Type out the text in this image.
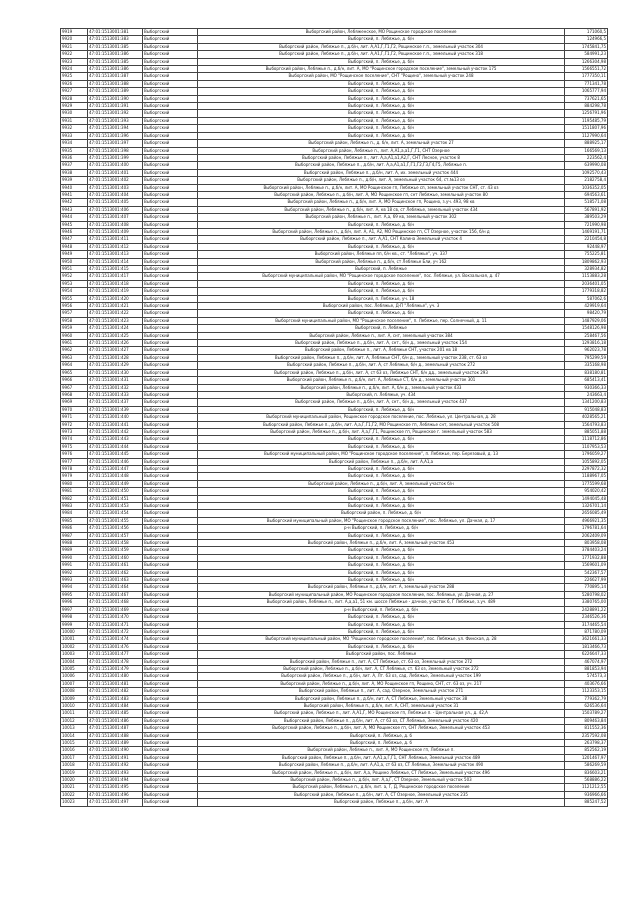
9919	47:01:1513001:381	Выборгский	Выборгский район, Лебяженское, МО Рощинское городское поселение	171060,5
9920	47:01:1513001:383	Выборгский	Выборгский, п. Лебяжье, д. б/н	124966,5
9921	47:01:1513001:385	Выборгский	Выборгский район, Лебяжье п., д.б/н, лит. А,А1,Г,Г1,Г2, Рощинское г.п., земельный участок 304	1745841,75
9922	47:01:1513001:386	Выборгский	Выборгский район, Лебяжье п., д.б/н, лит. А,А1,Г,Г1,Г2, Рощинское г.п., земельный участок 318	584991,23
9923	47:01:1513001:385	Выборгский	Выборгский, п. Лебяжье, д. б/н	1266304,98
9924	47:01:1513001:386	Выборгский	Выборгский район, Лебяжье п., д.б/н, лит. А, МО "Рощинское городское поселение", земельный участок 175	1566551,72
9925	47:01:1513001:387	Выборгский	Выборгский район, МО "Рощинское поселение", СНТ "Рощино", земельный участок 248	1777350,11
9926	47:01:1513001:388	Выборгский	Выборгский, п. Лебяжье, д. б/н	771341,78
9927	47:01:1513001:389	Выборгский	Выборгский, п. Лебяжье, д. б/н	1065777,94
9928	47:01:1513001:390	Выборгский	Выборгский, п. Лебяжье, д. б/н	737621,65
9929	47:01:1513001:391	Выборгский	Выборгский, п. Лебяжье, д. б/н	884298,78
9930	47:01:1513001:392	Выборгский	Выборгский, п. Лебяжье, д. б/н	1256791,96
9931	47:01:1513001:393	Выборгский	Выборгский, п. Лебяжье, д. б/н	1195485,79
9932	47:01:1513001:394	Выборгский	Выборгский, п. Лебяжье, д. б/н	1511807,96
9933	47:01:1513001:396	Выборгский	Выборгский, п. Лебяжье, д. б/н	1127990,64
9934	47:01:1513001:397	Выборгский	Выборгский район, Лебяжье п., д. б/н, лит. А, земельный участок 27	888925,17
9935	47:01:1513001:398	Выборгский	Выборгский район, Лебяжье п., лит. А,А1,а,а1,Г,Г1, СНТ Озерное	166569,13
9936	47:01:1513001:399	Выборгский	Выборгский район, Лебяжье п., лит. А,а,А1,а1,А2,Г, СНТ Лесное, участок 8	223562,4
9937	47:01:1513001:400	Выборгский	Выборгский район, Лебяжье п., д.б/н, лит. А,а,А1,а1,Г,Г1,Г2,Г3,Г4,Г5, Лебяжье п.	639990,08
9938	47:01:1513001:401	Выборгский	Выборгский район, Лебяжье п., д.б/н, лит. А, их. земельный участок 444	1092570,43
9939	47:01:1513001:402	Выборгский	Выборгский район, Лебяжье п., д.б/н, лит. А, земельный участок 64, ст.№13 оз	2182758,4
9940	47:01:1513001:403	Выборгский	Выборгский район, Лебяжье п., д.б/н, лит. А, МО Рощинское гп, Лебяжье сп, земельный участок СНТ, ст. 43 оз	1036352,05
9941	47:01:1513001:404	Выборгский	Выборгский район, Лебяжье п., д.б/н, лит. А, МО Рощинское гп, снт Лебяжье, земельный участок 80	694563,61
9942	47:01:1513001:405	Выборгский	Выборгский район, Лебяжье п., д.б/н, лит. А, МО Рощинское гп, Рощино, з.уч. 493, 98 кв	518571,08
9943	47:01:1513001:406	Выборгский	Выборгский район, Лебяжье п., д.б/н, лит. А, кв 18 св, ст Лебяжье, земельный участок 434	567891,92
9944	47:01:1513001:407	Выборгский	Выборгский район, Лебяжье п., лит. А,а, 69 кв, земельный участок 302	389503,29
9945	47:01:1513001:408	Выборгский	Выборгский, п. Лебяжье, д. б/н	721990,98
9946	47:01:1513001:409	Выборгский	Выборгский район, Лебяжье п., д.б/н, лит. А, А1, А2, МО Рощинское гп, СТ Озерное, участок 156, б/н д	1469191,71
9947	47:01:1513001:411	Выборгский	Выборгский район, Лебяжье п., лит. А,А1, СНТ Калина Земельный участок 4	2210454,8
9948	47:01:1513001:412	Выборгский	Выборгский, п. Лебяжье, д. б/н	92448,97
9949	47:01:1513001:413	Выборгский	Выборгский район, Лебяжье пп, б/н кв., ст. "Лебяжье", уч. 337	755225,81
9950	47:01:1513001:414	Выборгский	Выборгский район, Лебяжье п., д.б/н, ст Лебяжье Бли, уч 162	1809862,93
9951	47:01:1513001:415	Выборгский	Выборгский, п. Лебяжье	328934,82
9952	47:01:1513001:417	Выборгский	Выборгский муниципальный район, МО "Рощинское городское поселение", пос. Лебяжье, ул. Вокзальная, д. 47	1153883,28
9953	47:01:1513001:418	Выборгский	Выборгский, п. Лебяжье, д. б/н	2036401,05
9954	47:01:1513001:419	Выборгский	Выборгский, п. Лебяжье, д. б/н	1779318,82
9955	47:01:1513001:420	Выборгский	Выборгский, п. Лебяжье, уч. 18	587062,6
9956	47:01:1513001:421	Выборгский	Выборгский район, пос. Лебяжье, Д-П "Лебяжье", уч. 3	429919,64
9957	47:01:1513001:422	Выборгский	Выборгский, п. Лебяжье, д. б/н	98420,79
9958	47:01:1513001:423	Выборгский	Выборгский муниципальный район, МО "Рощинское поселение", п. Лебяжье, пер. Солнечный, д. 11	1487929,06
9959	47:01:1513001:424	Выборгский	Выборгский, п. Лебяжье	1548126,98
9960	47:01:1513001:425	Выборгский	Выборгский район, Лебяжье п., лит. А, снт, земельный участок 384	258467,56
9961	47:01:1513001:426	Выборгский	Выборгский район, Лебяжье п., д.б/н, лит. А, снт., б/н д., земельный участок 154	1293816,18
9962	47:01:1513001:427	Выборгский	Выборгский район, Лебяжье п., лит. А, Лебяжье СНТ, участок 201 кв 18	962023,78
9963	47:01:1513001:428	Выборгский	Выборгский район, Лебяжье п., д.б/н, лит. А, Лебяжье СНТ, б/н д., земельный участок 238, ст. 63 оз	795299,59
9964	47:01:1513001:429	Выборгский	Выборгский район, Лебяжье п., д.б/н, лит. А, ст Лебяжье, б/н д., земельный участок 272	335168,98
9965	47:01:1513001:430	Выборгский	Выборгский район, Лебяжье п., д.б/н, лит. А, ст 63 оз, Лебяжье СНТ, б/н дд., земельный участок 293	838180,81
9966	47:01:1513001:431	Выборгский	Выборгский район, Лебяжье п., д.б/н, лит. А, Лебяжье СТ, б/н д., земельный участок 301	685413,41
9967	47:01:1513001:432	Выборгский	Выборгский район, Лебяжье п., д.б/н, лит. А, б/н д., земельный участок 433	930366,33
9968	47:01:1513001:433	Выборгский	Выборгский, п. Лебяжье, уч. 434	243663,4
9969	47:01:1513001:437	Выборгский	Выборгский район, Лебяжье п., д.б/н, лит. А, снт., б/н д., земельный участок 437	1341200,83
9970	47:01:1513001:439	Выборгский	Выборгский, п. Лебяжье, д. б/н	915048,83
9971	47:01:1513001:440	Выборгский	Выборгский муниципальный район, Рощинское городское поселение, пос. Лебяжье, ул. Центральная, д. 28	4028565,21
9972	47:01:1513001:441	Выборгский	Выборгский район, Лебяжье п., д.б/н, лит. А,а,Г,Г1,Г2, МО Рощинское гп, Лебяжье снт, земельный участок 508	1564793,83
9973	47:01:1513001:442	Выборгский	Выборгский район, Лебяжье п., д.б/н, лит. А,а,Г,Г1, Рощинское гп, Рощинское г. земельный участок 583	885051,88
9974	47:01:1513001:443	Выборгский	Выборгский, п. Лебяжье, д. б/н	1118712,86
9975	47:01:1513001:444	Выборгский	Выборгский, п. Лебяжье, д. б/н	1107953,53
9976	47:01:1513001:445	Выборгский	Выборгский муниципальный район, МО "Рощинское городское поселение", п. Лебяжье, пер. Березовый, д. 13	1796059,27
9977	47:01:1513001:446	Выборгский	Выборгский район, Лебяжье п., д.б/н, лит. А,А1,а	1055892,05
9978	47:01:1513001:447	Выборгский	Выборгский, п. Лебяжье, д. б/н	2297872,32
9979	47:01:1513001:448	Выборгский	Выборгский, п. Лебяжье, д. б/н	1188967,05
9980	47:01:1513001:449	Выборгский	Выборгский район, Лебяжье п., д.б/н, лит. А, земельный участок б/н	1775599,68
9981	47:01:1513001:450	Выборгский	Выборгский, п. Лебяжье, д. б/н	954020,42
9982	47:01:1513001:451	Выборгский	Выборгский, п. Лебяжье, д. б/н	1494045,48
9983	47:01:1513001:453	Выборгский	Выборгский, п. Лебяжье, д. б/н	1326701,14
9984	47:01:1513001:454	Выборгский	Выборгский район, п. Лебяжье, д. б/н	2656085,49
9985	47:01:1513001:455	Выборгский	Выборгский муниципальный район, МО "Рощинское городское поселение", пос. Лебяжье, ул. Дачная, д. 17	4966921,35
9986	47:01:1513001:456	Выборгский	р-н Выборгский, п. Лебяжье, д. б/н	1796781,64
9987	47:01:1513001:457	Выборгский	Выборгский, п. Лебяжье, д. б/н	2062409,09
9988	47:01:1513001:458	Выборгский	Выборгский район, Лебяжье п., д.б/н, лит. А, земельный участок 453	803958,08
9989	47:01:1513001:459	Выборгский	Выборгский, п. Лебяжье, д. б/н	3784403,24
9990	47:01:1513001:460	Выборгский	Выборгский, п. Лебяжье, д. б/н	1771932,88
9991	47:01:1513001:461	Выборгский	Выборгский, п. Лебяжье, д. б/н	1569601,09
9992	47:01:1513001:462	Выборгский	Выборгский, п. Лебяжье, д. б/н	542367,57
9993	47:01:1513001:463	Выборгский	Выборгский, п. Лебяжье, д. б/н	226627,99
9994	47:01:1513001:464	Выборгский	Выборгский район, Лебяжье п., д.б/н, лит. А, земельный участок 288	770895,14
9995	47:01:1513001:467	Выборгский	Выборгский муниципальный район, МО Рощинское городское поселение, пос. Лебяжье, ул. Дачная, д. 27	5280798,02
9996	47:01:1513001:468	Выборгский	Выборгский район, Лебяжье п., лит. А,а,а1, 51 км. шоссе Лебяжье - дачное, участок 6, Г Лебяжье, з.уч. 489	3380765,00
9997	47:01:1513001:469	Выборгский	р-н Выборгский, п. Лебяжье, д. б/н	2428891,22
9998	47:01:1513001:470	Выборгский	Выборгский, п. Лебяжье, д. б/н	2346526,36
9999	47:01:1513001:471	Выборгский	Выборгский, п. Лебяжье, д. б/н	3174465,54
10000	47:01:1513001:472	Выборгский	Выборгский, п. Лебяжье, д. б/н	871780,09
10001	47:01:1513001:474	Выборгский	Выборгский муниципальный район, МО "Рощинское городское поселение", пос. Лебяжье, ул. Финская, д. 28	3621661,33
10002	47:01:1513001:476	Выборгский	Выборгский, п. Лебяжье, д. б/н	1813466,73
10003	47:01:1513001:477	Выборгский	Выборгский район, пос. Лебяжье	6226647,33
10004	47:01:1513001:478	Выборгский	Выборгский район, Лебяжье п., лит. А, СТ Лебяжье, ст. 63 оз, Земельный участок 272	467074,97
10005	47:01:1513001:479	Выборгский	Выборгский район, Лебяжье п., д.б/н, лит. А, СТ Лебяжье, ст. 63 оз, Земельный участок 272	881853,94
10006	47:01:1513001:480	Выборгский	Выборгский район, Лебяжье п., д.б/н, лит. А, Лт. 63 оз, сад. Лебяжье, Земельный участок 199	574573,3
10007	47:01:1513001:481	Выборгский	Выборгский район, Лебяжье п., д.б/н, лит. А, МО Рощинское гп, Рощино, СНТ, ст. 63 оз, уч. 217	403676,66
10008	47:01:1513001:482	Выборгский	Выборгский район, Лебяжье п., лит. А, сад. Озерное, Земельный участок 271	1123353,15
10009	47:01:1513001:483	Выборгский	Выборгский район, Лебяжье п., д.б/н, лит. А, СТ Лебяжье, Земельный участок 38	779362,79
10010	47:01:1513001:484	Выборгский	Выборгский район, Лебяжье п., д.б/н, лит. А, СНТ, земельный участок 31	626536,64
10011	47:01:1513001:485	Выборгский	Выборгский район, Лебяжье п., лит. А,А1,Г, МО Рощинское гп, Лебяжье п. - Центральная ул., д. 42,А	1503789,27
10012	47:01:1513001:486	Выборгский	Выборгский район, Лебяжье п., д.б/н, лит. А, ст 63 оз, СТ Лебяжье, Земельный участок 420	809463,84
10013	47:01:1513001:487	Выборгский	Выборгский район, Лебяжье п., д.б/н, лит. А, МО Рощинское гп, СНТ Лебяжье, Земельный участок 453	811552,36
10014	47:01:1513001:488	Выборгский	Выборгский, п. Лебяжье, д. б	2357592,08
10015	47:01:1513001:489	Выборгский	Выборгский, п. Лебяжье, д. б	263798,37
10016	47:01:1513001:490	Выборгский	Выборгский район, Лебяжье п., лит. А, МО Рощинское гп, Лебяжье п.	852562,19
10017	47:01:1513001:491	Выборгский	Выборгский район, Лебяжье п., д.б/н, лит. А,А1,а,Г,Г1, СНТ Лебяжье, Земельный участок 489	1201467,97
10018	47:01:1513001:492	Выборгский	Выборгский район, Лебяжье п., д.б/н, лит. А,А1,а, ст 63 оз, СТ Лебяжье, Земельный участок 490	586269,59
10019	47:01:1513001:493	Выборгский	Выборгский район, Лебяжье п., д.б/н, лит. А,а, Рощино Лебяжье, СТ Лебяжье, Земельный участок 496	836603,21
10020	47:01:1513001:494	Выборгский	Выборгский район, Лебяжье п., д.б/н, лит. А,а,Г, СТ Озерное, Земельный участок 503	568886,22
10021	47:01:1513001:495	Выборгский	Выборгский район, Лебяжье п., д.б/н, лит. а, Г, Д, Рощинское городское поселение	1121212,55
10022	47:01:1513001:496	Выборгский	Выборгский район, Лебяжье п., д.б/н, лит. А, СТ Озерное, Земельный участок 235	936966,66
10023	47:01:1513001:497	Выборгский	Выборгский район, Лебяжье п., д.б/н, лит. А	885247,52
